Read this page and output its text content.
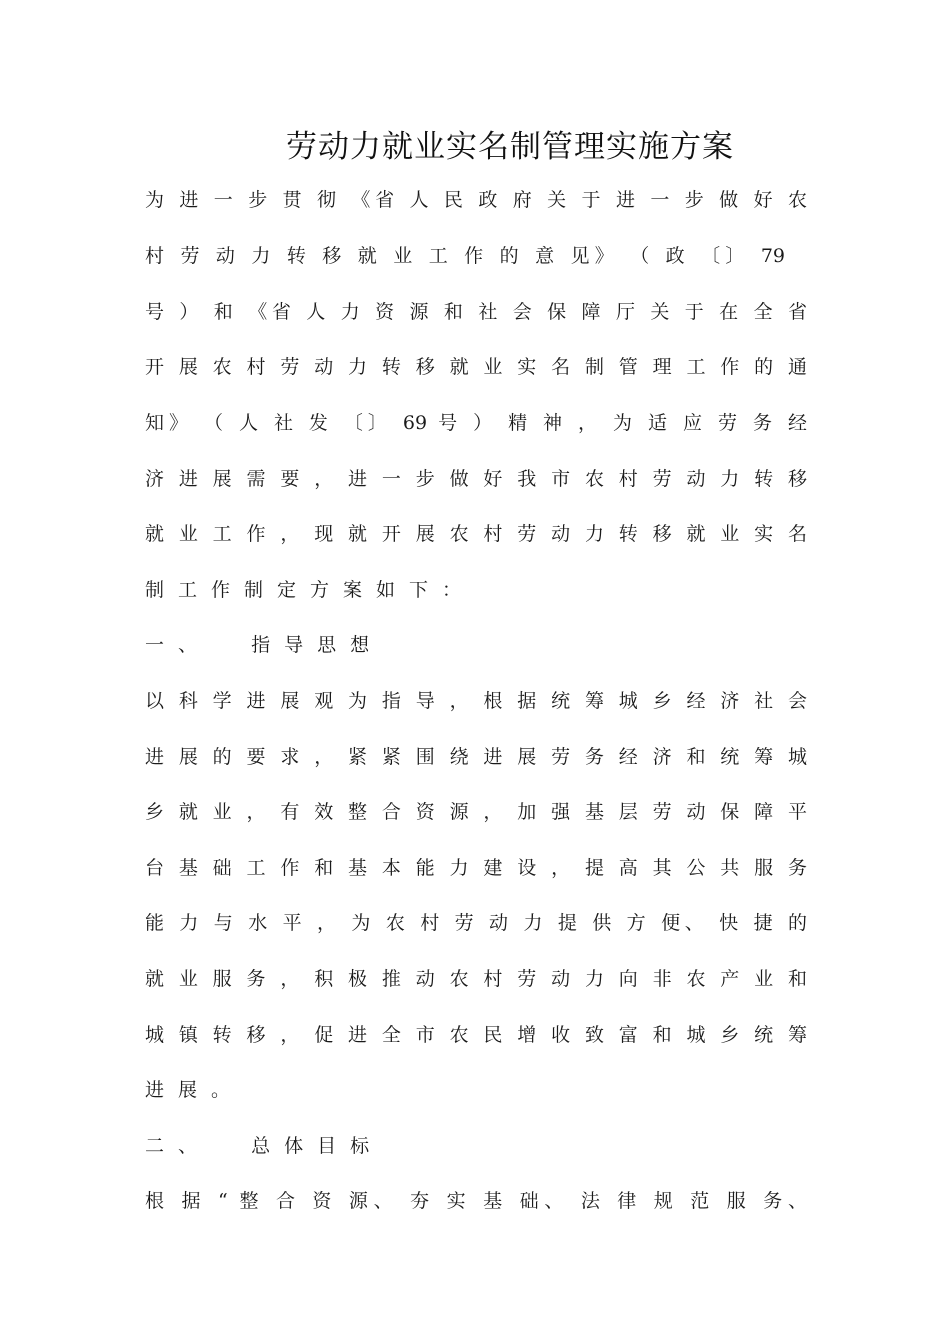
劳动力就业实名制管理实施方案
为 进 一 步 贯 彻 《省 人 民 政 府 关 于 进 一 步 做 好 农
村 劳 动 力 转 移 就 业 工 作 的 意 见》 （ 政 〔〕 79
号 ） 和 《省 人 力 资 源 和 社 会 保 障 厅 关 于 在 全 省
开 展 农 村 劳 动 力 转 移 就 业 实 名 制 管 理 工 作 的 通
知》 （ 人 社 发 〔〕 69 号 ） 精 神 ， 为 适 应 劳 务 经
济 进 展 需 要 ， 进 一 步 做 好 我 市 农 村 劳 动 力 转 移
就 业 工 作 ， 现 就 开 展 农 村 劳 动 力 转 移 就 业 实 名
制工作制定方案如下：
一、  指导思想
以 科 学 进 展 观 为 指 导 ， 根 据 统 筹 城 乡 经 济 社 会
进 展 的 要 求 ， 紧 紧 围 绕 进 展 劳 务 经 济 和 统 筹 城
乡 就 业 ， 有 效 整 合 资 源 ， 加 强 基 层 劳 动 保 障 平
台 基 础 工 作 和 基 本 能 力 建 设 ， 提 高 其 公 共 服 务
能 力 与 水 平 ， 为 农 村 劳 动 力 提 供 方 便、 快 捷 的
就 业 服 务 ， 积 极 推 动 农 村 劳 动 力 向 非 农 产 业 和
城 镇 转 移 ， 促 进 全 市 农 民 增 收 致 富 和 城 乡 统 筹
进展。
二、  总体目标
根 据 “ 整 合 资 源、 夯 实 基 础、 法 律 规 范 服 务、
